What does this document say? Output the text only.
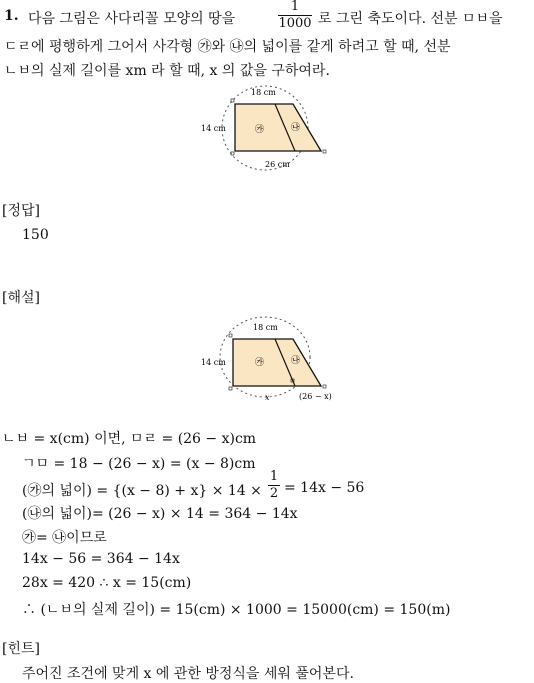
1. 다음 그림은 사다리꼴 모양의 땅을
1
1000 로 그린 축도이다. 선분 ㅁㅂ을
ㄷㄹ에 평행하게 그어서 사각형 ㉮와 ㉯의 넓이를 같게 하려고 할 때, 선분
ㄴㅂ의 실제 길이를 xm 라 할 때, x 의 값을 구하여라.
18 cm
14 cm
26 cm
㉮	㉯
[정답]
150
[해설]
18 cm
14 cm
x	(26 − x)
㉮	㉯
ㄴㅂ = x(cm) 이면, ㅁㄹ = (26 − x)cm
ㄱㅁ = 18 − (26 − x) = (x − 8)cm
(㉮의 넓이) = {(x − 8) + x} × 14 ×
1
2 = 14x − 56
(㉯의 넓이)= (26 − x) × 14 = 364 − 14x
㉮= ㉯이므로
14x − 56 = 364 − 14x
28x = 420 ∴ x = 15(cm)
∴ (ㄴㅂ의 실제 길이) = 15(cm) × 1000 = 15000(cm) = 150(m)
[힌트]
주어진 조건에 맞게 x 에 관한 방정식을 세워 풀어본다.
